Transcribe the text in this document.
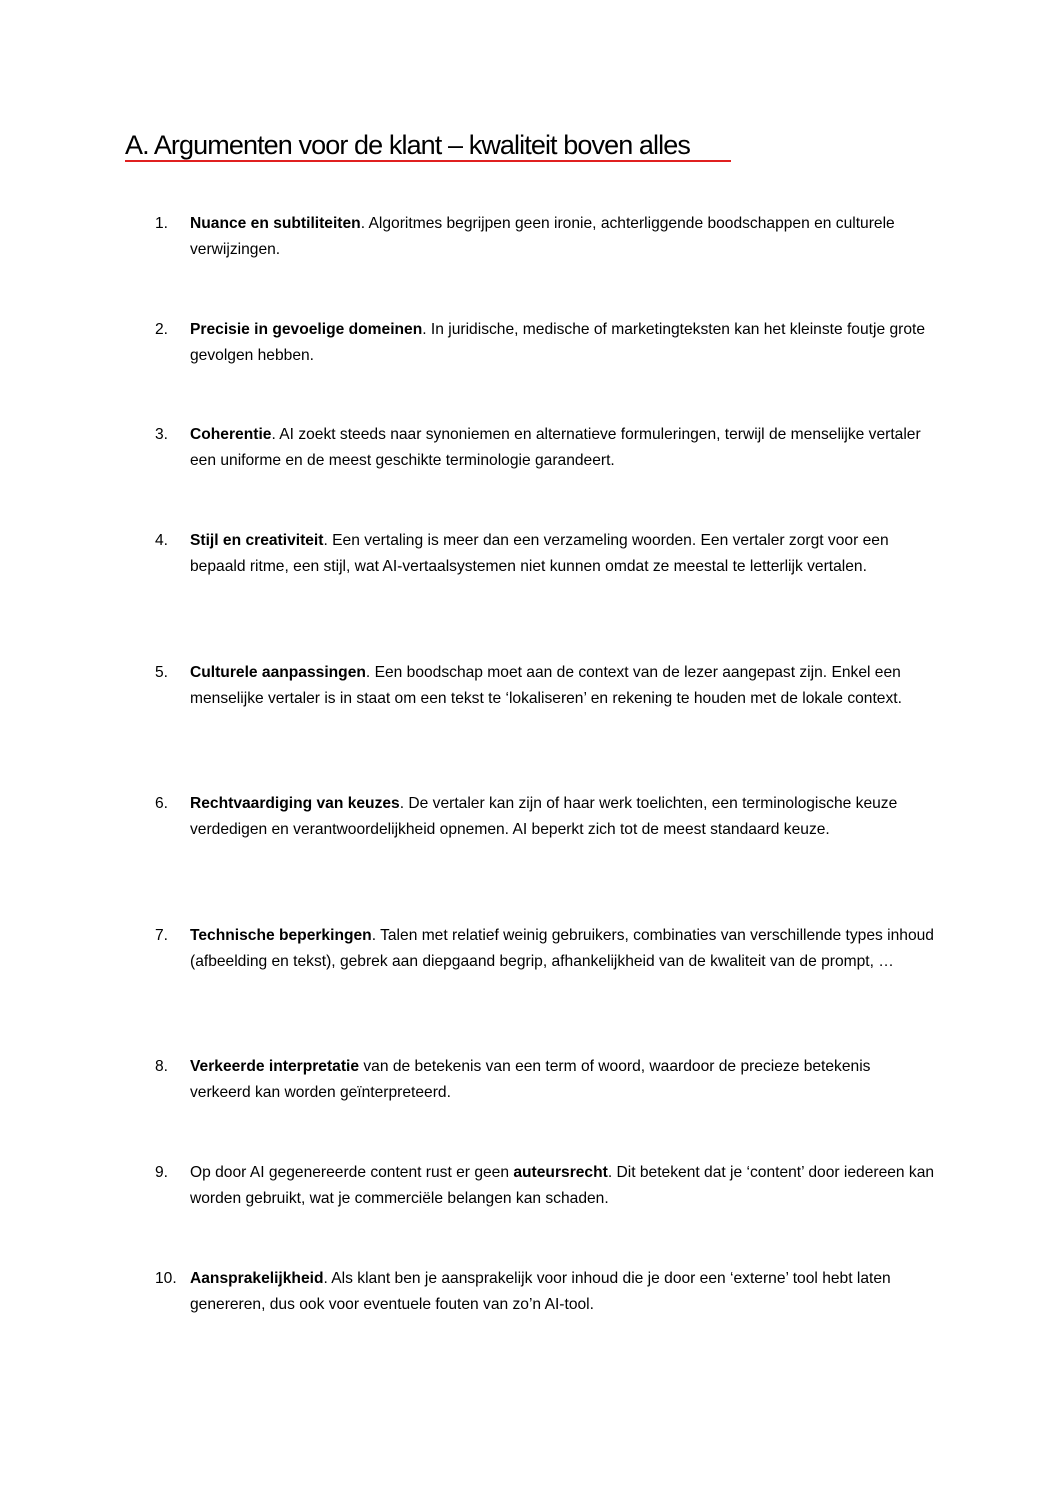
A. Argumenten voor de klant – kwaliteit boven alles
1.	Nuance en subtiliteiten. Algoritmes begrijpen geen ironie, achterliggende boodschappen en culturele verwijzingen.
2.	Precisie in gevoelige domeinen. In juridische, medische of marketingteksten kan het kleinste foutje grote gevolgen hebben.
3.	Coherentie. AI zoekt steeds naar synoniemen en alternatieve formuleringen, terwijl de menselijke vertaler een uniforme en de meest geschikte terminologie garandeert.
4.	Stijl en creativiteit. Een vertaling is meer dan een verzameling woorden. Een vertaler zorgt voor een bepaald ritme, een stijl, wat AI-vertaalsystemen niet kunnen omdat ze meestal te letterlijk vertalen.
5.	Culturele aanpassingen. Een boodschap moet aan de context van de lezer aangepast zijn. Enkel een menselijke vertaler is in staat om een tekst te ‘lokaliseren’ en rekening te houden met de lokale context.
6.	Rechtvaardiging van keuzes. De vertaler kan zijn of haar werk toelichten, een terminologische keuze verdedigen en verantwoordelijkheid opnemen. AI beperkt zich tot de meest standaard keuze.
7.	Technische beperkingen. Talen met relatief weinig gebruikers, combinaties van verschillende types inhoud (afbeelding en tekst), gebrek aan diepgaand begrip, afhankelijkheid van de kwaliteit van de prompt, …
8.	Verkeerde interpretatie van de betekenis van een term of woord, waardoor de precieze betekenis verkeerd kan worden geïnterpreteerd.
9.	Op door AI gegenereerde content rust er geen auteursrecht. Dit betekent dat je ‘content’ door iedereen kan worden gebruikt, wat je commerciële belangen kan schaden.
10. Aansprakelijkheid. Als klant ben je aansprakelijk voor inhoud die je door een ‘externe’ tool hebt laten genereren, dus ook voor eventuele fouten van zo’n AI-tool.
